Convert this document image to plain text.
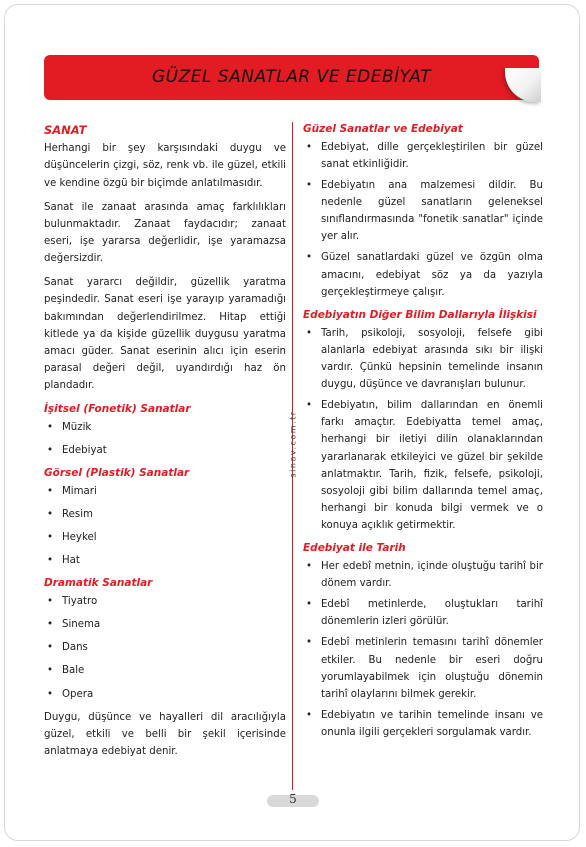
GÜZEL SANATLAR VE EDEBİYAT
sinav.com.tr
SANAT

Herhangi bir şey karşısındaki duygu ve düşüncelerin çizgi, söz, renk vb. ile güzel, etkili ve kendine özgü bir biçimde anlatılmasıdır.

Sanat ile zanaat arasında amaç farklılıkları bulunmaktadır. Zanaat faydacıdır; zanaat eseri, işe yararsa değerlidir, işe yaramazsa değersizdir.

Sanat yararcı değildir, güzellik yaratma peşindedir. Sanat eseri işe yarayıp yaramadığı bakımından değerlendirilmez. Hitap ettiği kitlede ya da kişide güzellik duygusu yaratma amacı güder. Sanat eserinin alıcı için eserin parasal değeri değil, uyandırdığı haz ön plandadır.

İşitsel (Fonetik) Sanatlar
• Müzik
• Edebiyat
Görsel (Plastik) Sanatlar
• Mimari
• Resim
• Heykel
• Hat
Dramatik Sanatlar
• Tiyatro
• Sinema
• Dans
• Bale
• Opera

Duygu, düşünce ve hayalleri dil aracılığıyla güzel, etkili ve belli bir şekil içerisinde anlatmaya edebiyat denir.

Güzel Sanatlar ve Edebiyat
• Edebiyat, dille gerçekleştirilen bir güzel sanat etkinliğidir.
• Edebiyatın ana malzemesi dildir. Bu nedenle güzel sanatların geleneksel sınıflandırmasında "fonetik sanatlar" içinde yer alır.
• Güzel sanatlardaki güzel ve özgün olma amacını, edebiyat söz ya da yazıyla gerçekleştirmeye çalışır.
Edebiyatın Diğer Bilim Dallarıyla İlişkisi
• Tarih, psikoloji, sosyoloji, felsefe gibi alanlarla edebiyat arasında sıkı bir ilişki vardır. Çünkü hepsinin temelinde insanın duygu, düşünce ve davranışları bulunur.
• Edebiyatın, bilim dallarından en önemli farkı amaçtır. Edebiyatta temel amaç, herhangi bir iletiyi dilin olanaklarından yararlanarak etkileyici ve güzel bir şekilde anlatmaktır. Tarih, fizik, felsefe, psikoloji, sosyoloji gibi bilim dallarında temel amaç, herhangi bir konuda bilgi vermek ve o konuya açıklık getirmektir.
Edebiyat ile Tarih
• Her edebî metnin, içinde oluştuğu tarihî bir dönem vardır.
• Edebî metinlerde, oluştukları tarihî dönemlerin izleri görülür.
• Edebî metinlerin temasını tarihî dönemler etkiler. Bu nedenle bir eseri doğru yorumlayabilmek için oluştuğu dönemin tarihî olaylarını bilmek gerekir.
• Edebiyatın ve tarihin temelinde insanı ve onunla ilgili gerçekleri sorgulamak vardır.
5
